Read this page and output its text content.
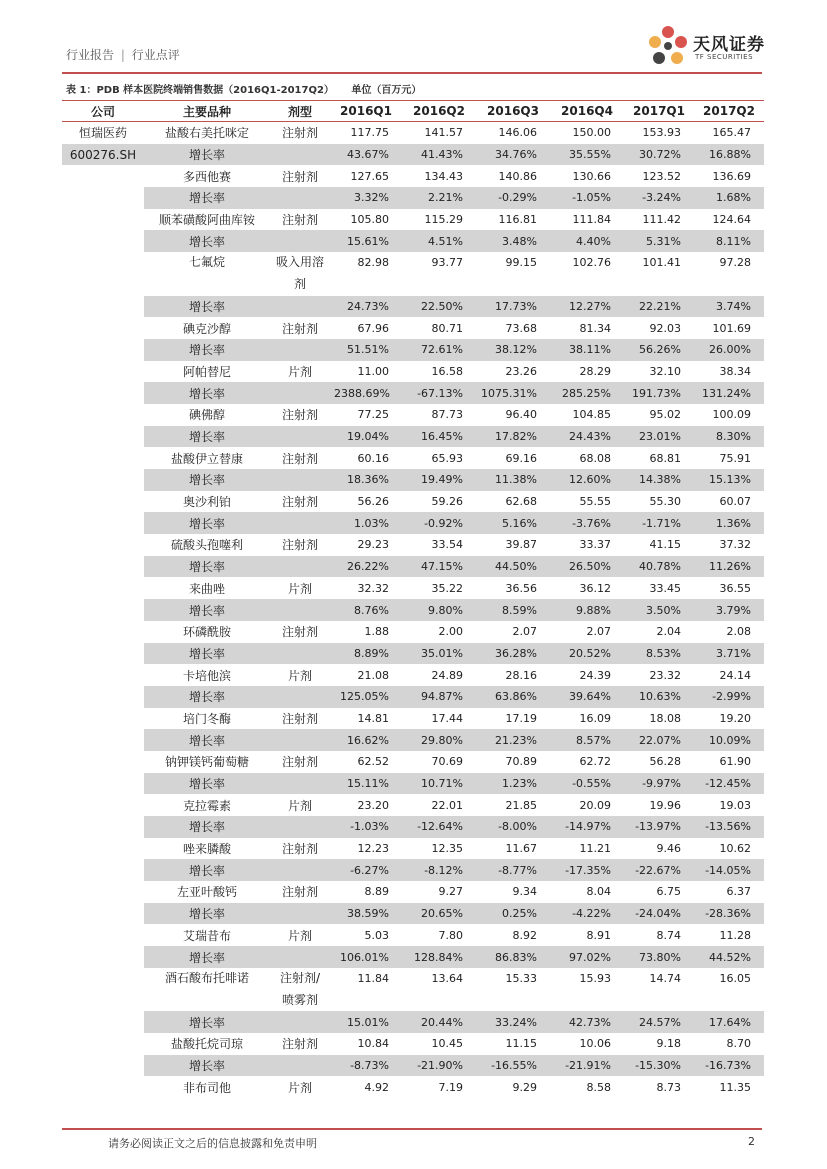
行业报告 | 行业点评	天风证券
TF SECURITIES
表 1：PDB 样本医院终端销售数据（2016Q1-2017Q2） 单位（百万元）
公司	主要品种	剂型	2016Q1	2016Q2	2016Q3	2016Q4	2017Q1	2017Q2
恒瑞医药	盐酸右美托咪定	注射剂	117.75	141.57	146.06	150.00	153.93	165.47
600276.SH	增长率		43.67%	41.43%	34.76%	35.55%	30.72%	16.88%
	多西他赛	注射剂	127.65	134.43	140.86	130.66	123.52	136.69
	增长率		3.32%	2.21%	-0.29%	-1.05%	-3.24%	1.68%
	顺苯磺酸阿曲库铵	注射剂	105.80	115.29	116.81	111.84	111.42	124.64
	增长率		15.61%	4.51%	3.48%	4.40%	5.31%	8.11%
	七氟烷	吸入用溶剂	82.98	93.77	99.15	102.76	101.41	97.28
	增长率		24.73%	22.50%	17.73%	12.27%	22.21%	3.74%
	碘克沙醇	注射剂	67.96	80.71	73.68	81.34	92.03	101.69
	增长率		51.51%	72.61%	38.12%	38.11%	56.26%	26.00%
	阿帕替尼	片剂	11.00	16.58	23.26	28.29	32.10	38.34
	增长率		2388.69%	-67.13%	1075.31%	285.25%	191.73%	131.24%
	碘佛醇	注射剂	77.25	87.73	96.40	104.85	95.02	100.09
	增长率		19.04%	16.45%	17.82%	24.43%	23.01%	8.30%
	盐酸伊立替康	注射剂	60.16	65.93	69.16	68.08	68.81	75.91
	增长率		18.36%	19.49%	11.38%	12.60%	14.38%	15.13%
	奥沙利铂	注射剂	56.26	59.26	62.68	55.55	55.30	60.07
	增长率		1.03%	-0.92%	5.16%	-3.76%	-1.71%	1.36%
	硫酸头孢噻利	注射剂	29.23	33.54	39.87	33.37	41.15	37.32
	增长率		26.22%	47.15%	44.50%	26.50%	40.78%	11.26%
	来曲唑	片剂	32.32	35.22	36.56	36.12	33.45	36.55
	增长率		8.76%	9.80%	8.59%	9.88%	3.50%	3.79%
	环磷酰胺	注射剂	1.88	2.00	2.07	2.07	2.04	2.08
	增长率		8.89%	35.01%	36.28%	20.52%	8.53%	3.71%
	卡培他滨	片剂	21.08	24.89	28.16	24.39	23.32	24.14
	增长率		125.05%	94.87%	63.86%	39.64%	10.63%	-2.99%
	培门冬酶	注射剂	14.81	17.44	17.19	16.09	18.08	19.20
	增长率		16.62%	29.80%	21.23%	8.57%	22.07%	10.09%
	钠钾镁钙葡萄糖	注射剂	62.52	70.69	70.89	62.72	56.28	61.90
	增长率		15.11%	10.71%	1.23%	-0.55%	-9.97%	-12.45%
	克拉霉素	片剂	23.20	22.01	21.85	20.09	19.96	19.03
	增长率		-1.03%	-12.64%	-8.00%	-14.97%	-13.97%	-13.56%
	唑来膦酸	注射剂	12.23	12.35	11.67	11.21	9.46	10.62
	增长率		-6.27%	-8.12%	-8.77%	-17.35%	-22.67%	-14.05%
	左亚叶酸钙	注射剂	8.89	9.27	9.34	8.04	6.75	6.37
	增长率		38.59%	20.65%	0.25%	-4.22%	-24.04%	-28.36%
	艾瑞昔布	片剂	5.03	7.80	8.92	8.91	8.74	11.28
	增长率		106.01%	128.84%	86.83%	97.02%	73.80%	44.52%
	酒石酸布托啡诺	注射剂/喷雾剂	11.84	13.64	15.33	15.93	14.74	16.05
	增长率		15.01%	20.44%	33.24%	42.73%	24.57%	17.64%
	盐酸托烷司琼	注射剂	10.84	10.45	11.15	10.06	9.18	8.70
	增长率		-8.73%	-21.90%	-16.55%	-21.91%	-15.30%	-16.73%
	非布司他	片剂	4.92	7.19	9.29	8.58	8.73	11.35
请务必阅读正文之后的信息披露和免责申明	2
